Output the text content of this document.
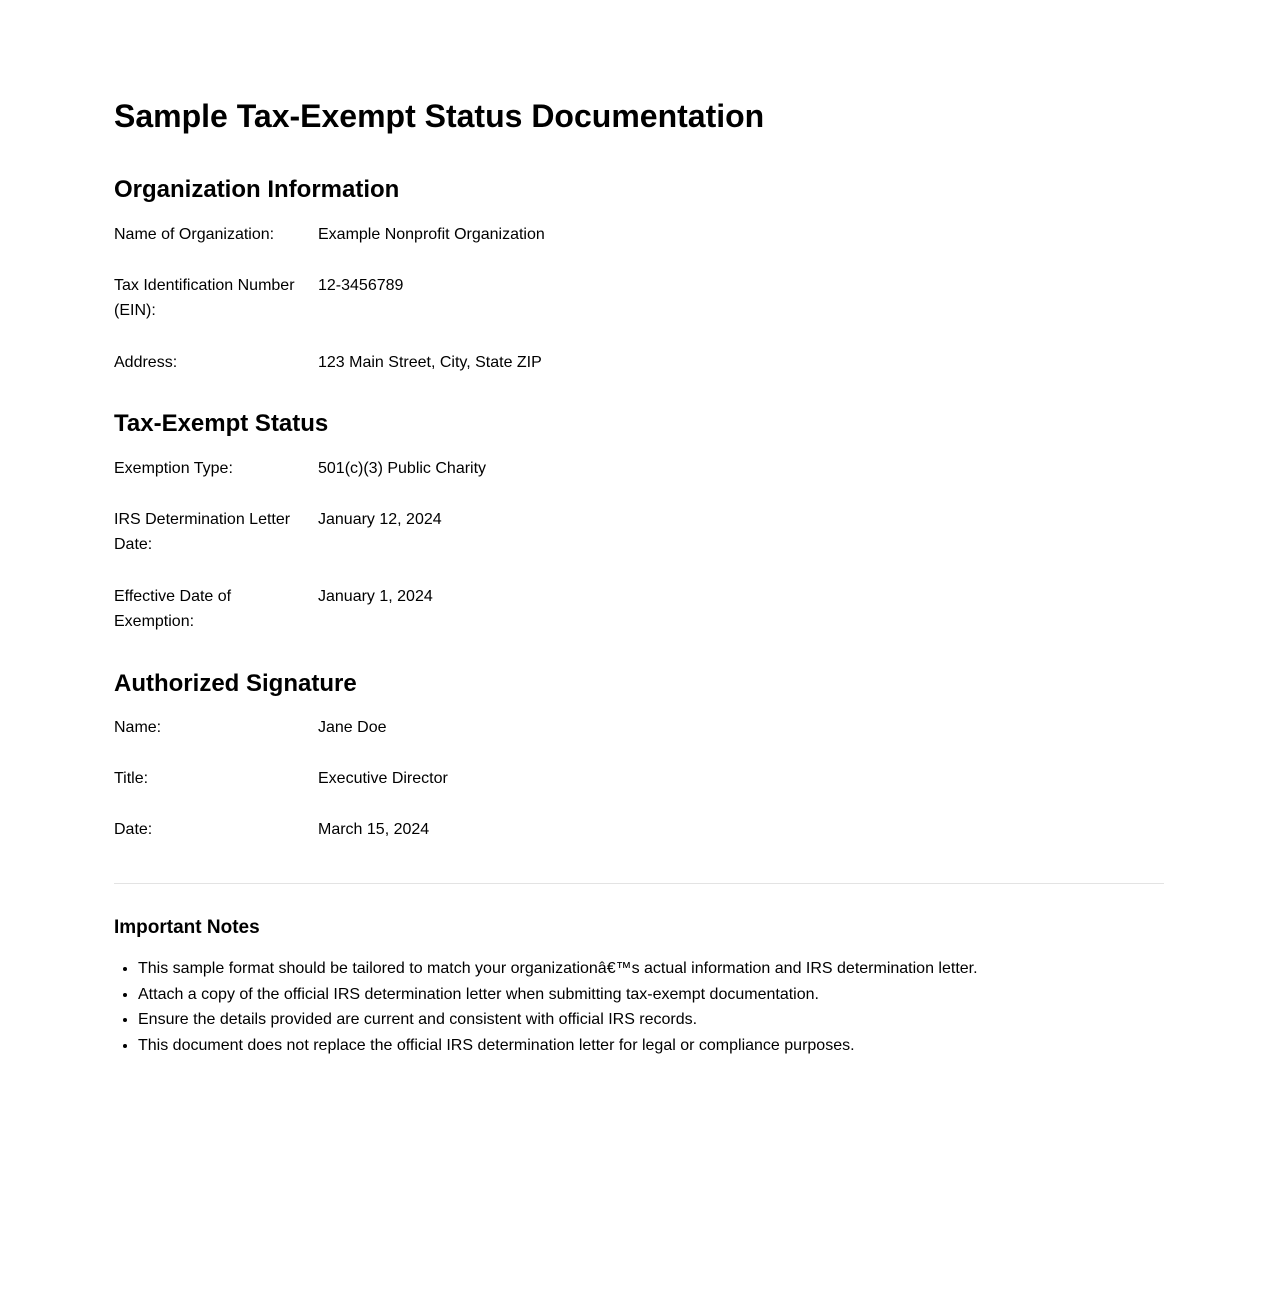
Sample Tax-Exempt Status Documentation
Organization Information
Name of Organization:	Example Nonprofit Organization
Tax Identification Number (EIN):
12-3456789
Address:	123 Main Street, City, State ZIP
Tax-Exempt Status
Exemption Type:	501(c)(3) Public Charity
IRS Determination Letter Date:
January 12, 2024
Effective Date of Exemption:
January 1, 2024
Authorized Signature
Name:	Jane Doe
Title:	Executive Director
Date:	March 15, 2024
Important Notes
• This sample format should be tailored to match your organizationâ€™s actual information and IRS determination letter.
• Attach a copy of the official IRS determination letter when submitting tax-exempt documentation.
• Ensure the details provided are current and consistent with official IRS records.
• This document does not replace the official IRS determination letter for legal or compliance purposes.
